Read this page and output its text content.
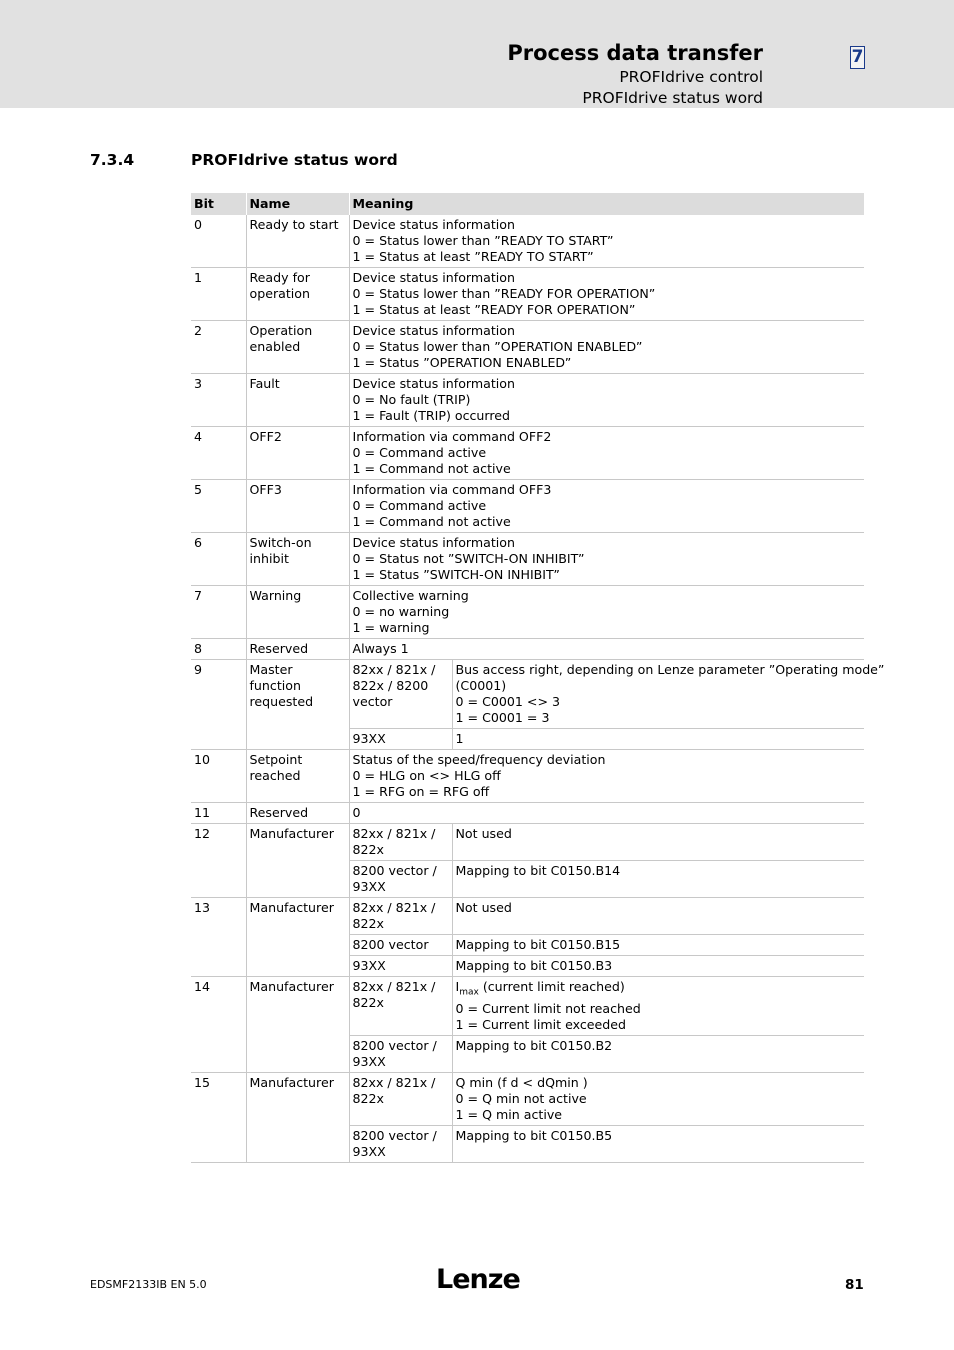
Process data transfer
PROFIdrive control
PROFIdrive status word
7
7.3.4	PROFIdrive status word
Bit	Name	Meaning	
0	Ready to start	Device status information
0 = Status lower than ”READY TO START”
1 = Status at least ”READY TO START”	

1	Ready for
operation	Device status information
0 = Status lower than ”READY FOR OPERATION”
1 = Status at least ”READY FOR OPERATION”	

2	Operation
enabled	Device status information
0 = Status lower than ”OPERATION ENABLED”
1 = Status ”OPERATION ENABLED”	

3	Fault	Device status information
0 = No fault (TRIP)
1 = Fault (TRIP) occurred	

4	OFF2	Information via command OFF2
0 = Command active
1 = Command not active	

5	OFF3	Information via command OFF3
0 = Command active
1 = Command not active	

6	Switch-on
inhibit	Device status information
0 = Status not ”SWITCH-ON INHIBIT”
1 = Status ”SWITCH-ON INHIBIT”	

7	Warning	Collective warning
0 = no warning
1 = warning	

8	Reserved	Always 1	

9	Master
function
requested	82xx / 821x /
822x / 8200
vector	Bus access right, depending on Lenze parameter ”Operating mode”
(C0001)
0 = C0001 <> 3
1 = C0001 = 3

		93XX	1

10	Setpoint
reached	Status of the speed/frequency deviation
0 = HLG on <> HLG off
1 = RFG on = RFG off	

11	Reserved	0	

12	Manufacturer	82xx / 821x /
822x	Not used

		8200 vector /
93XX	Mapping to bit C0150.B14

13	Manufacturer	82xx / 821x /
822x	Not used

		8200 vector	Mapping to bit C0150.B15

		93XX	Mapping to bit C0150.B3

14	Manufacturer	82xx / 821x /
822x	$I_{max}$ (current limit reached)
0 = Current limit not reached
1 = Current limit exceeded

		8200 vector /
93XX	Mapping to bit C0150.B2

15	Manufacturer	82xx / 821x /
822x	Q min (f d < dQmin )
0 = Q min not active
1 = Q min active

		8200 vector /
93XX	Mapping to bit C0150.B5
Lenze
EDSMF2133IB EN 5.0	81
